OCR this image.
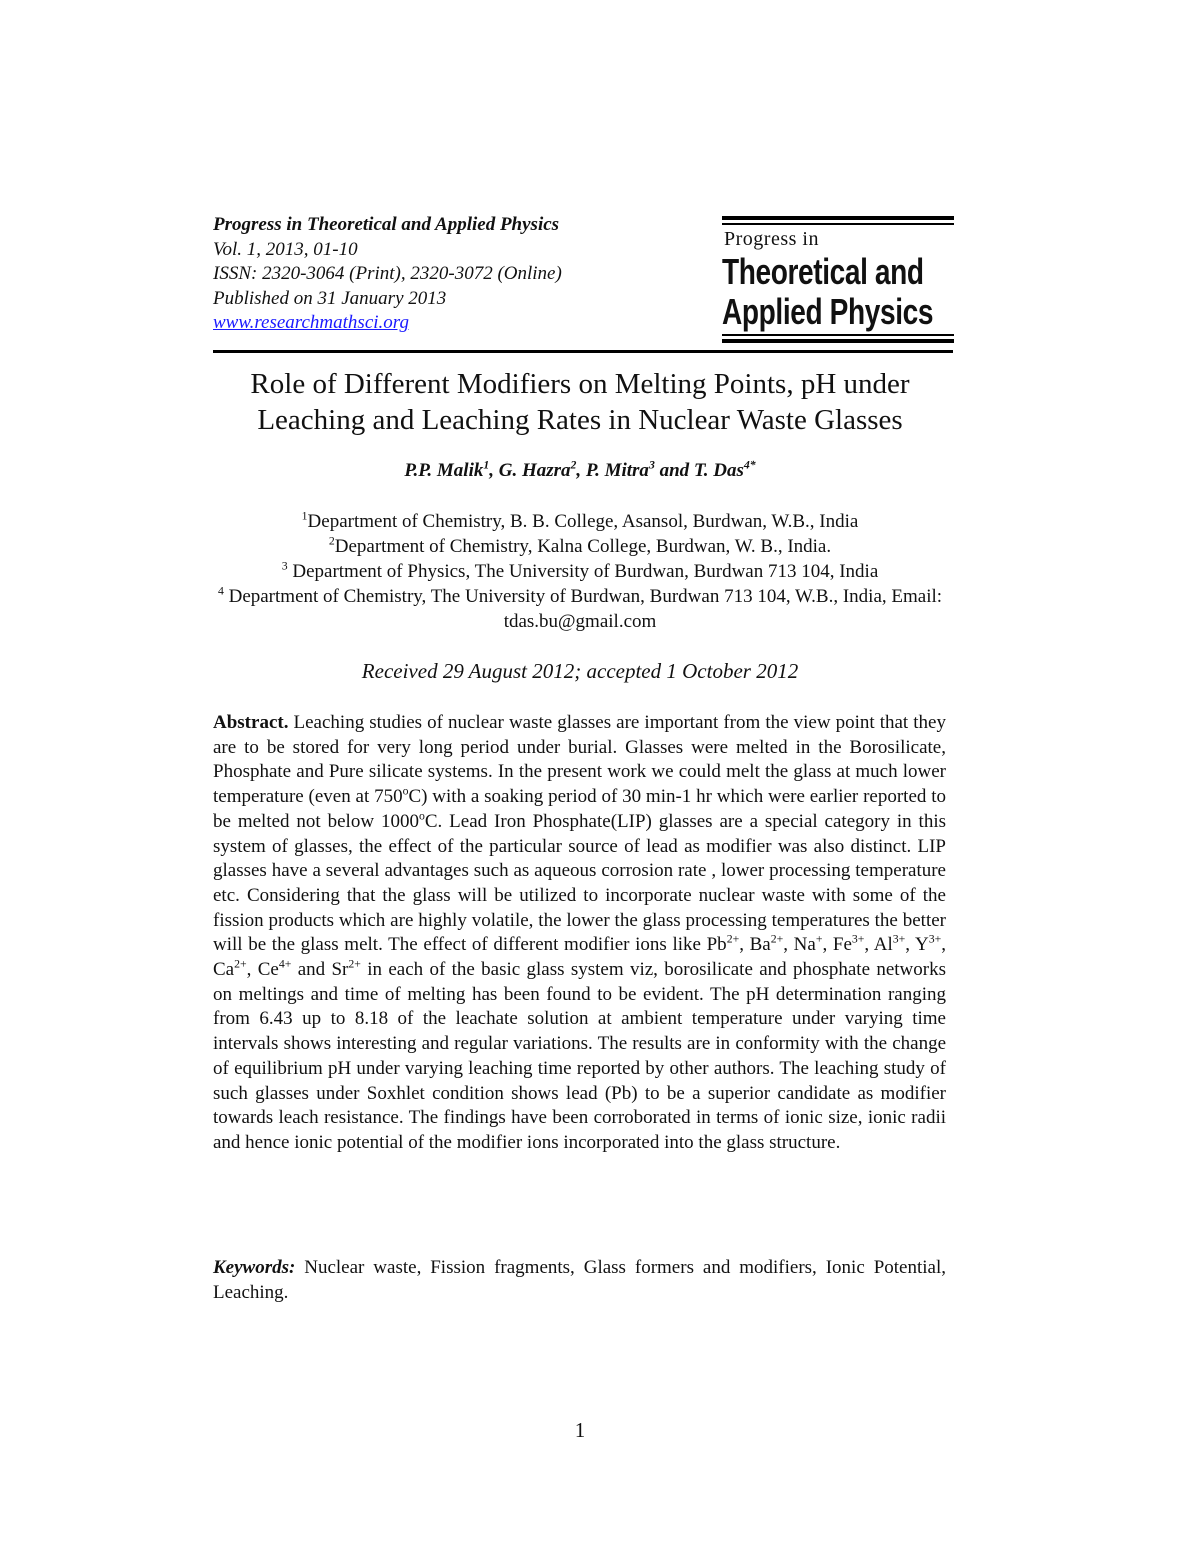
Progress in Theoretical and Applied Physics
Vol. 1, 2013, 01-10
ISSN: 2320-3064 (Print), 2320-3072 (Online)
Published on 31 January 2013
www.researchmathsci.org
Progress in
Theoretical and
Applied Physics
Role of Different Modifiers on Melting Points, pH under
Leaching and Leaching Rates in Nuclear Waste Glasses
P.P. Malik$^1$, G. Hazra$^2$, P. Mitra$^3$ and T. Das$^{4*}$
$^1$Department of Chemistry, B. B. College, Asansol, Burdwan, W.B., India
$^2$Department of Chemistry, Kalna College, Burdwan, W. B., India.
$^3$ Department of Physics, The University of Burdwan, Burdwan 713 104, India
$^4$ Department of Chemistry, The University of Burdwan, Burdwan 713 104, W.B., India, Email: tdas.bu@gmail.com
Received 29 August 2012; accepted 1 October 2012
Abstract. Leaching studies of nuclear waste glasses are important from the view point that they are to be stored for very long period under burial. Glasses were melted in the Borosilicate, Phosphate and Pure silicate systems. In the present work we could melt the glass at much lower temperature (even at 750$^o$C) with a soaking period of 30 min-1 hr which were earlier reported to be melted not below 1000$^o$C. Lead Iron Phosphate(LIP) glasses are a special category in this system of glasses, the effect of the particular source of lead as modifier was also distinct. LIP glasses have a several advantages such as aqueous corrosion rate , lower processing temperature etc. Considering that the glass will be utilized to incorporate nuclear waste with some of the fission products which are highly volatile, the lower the glass processing temperatures the better will be the glass melt. The effect of different modifier ions like $Pb^{2+}$, $Ba^{2+}$, Na+, $Fe^{3+}$, $Al^{3+}$, $Y^{3+}$, $Ca^{2+}$, $Ce^{4+}$ and $Sr^{2+}$ in each of the basic glass system viz, borosilicate and phosphate networks on meltings and time of melting has been found to be evident. The pH determination ranging from 6.43 up to 8.18 of the leachate solution at ambient temperature under varying time intervals shows interesting and regular variations. The results are in conformity with the change of equilibrium pH under varying leaching time reported by other authors. The leaching study of such glasses under Soxhlet condition shows lead (Pb) to be a superior candidate as modifier towards leach resistance. The findings have been corroborated in terms of ionic size, ionic radii and hence ionic potential of the modifier ions incorporated into the glass structure.
Keywords: Nuclear waste, Fission fragments, Glass formers and modifiers, Ionic Potential, Leaching.
1
